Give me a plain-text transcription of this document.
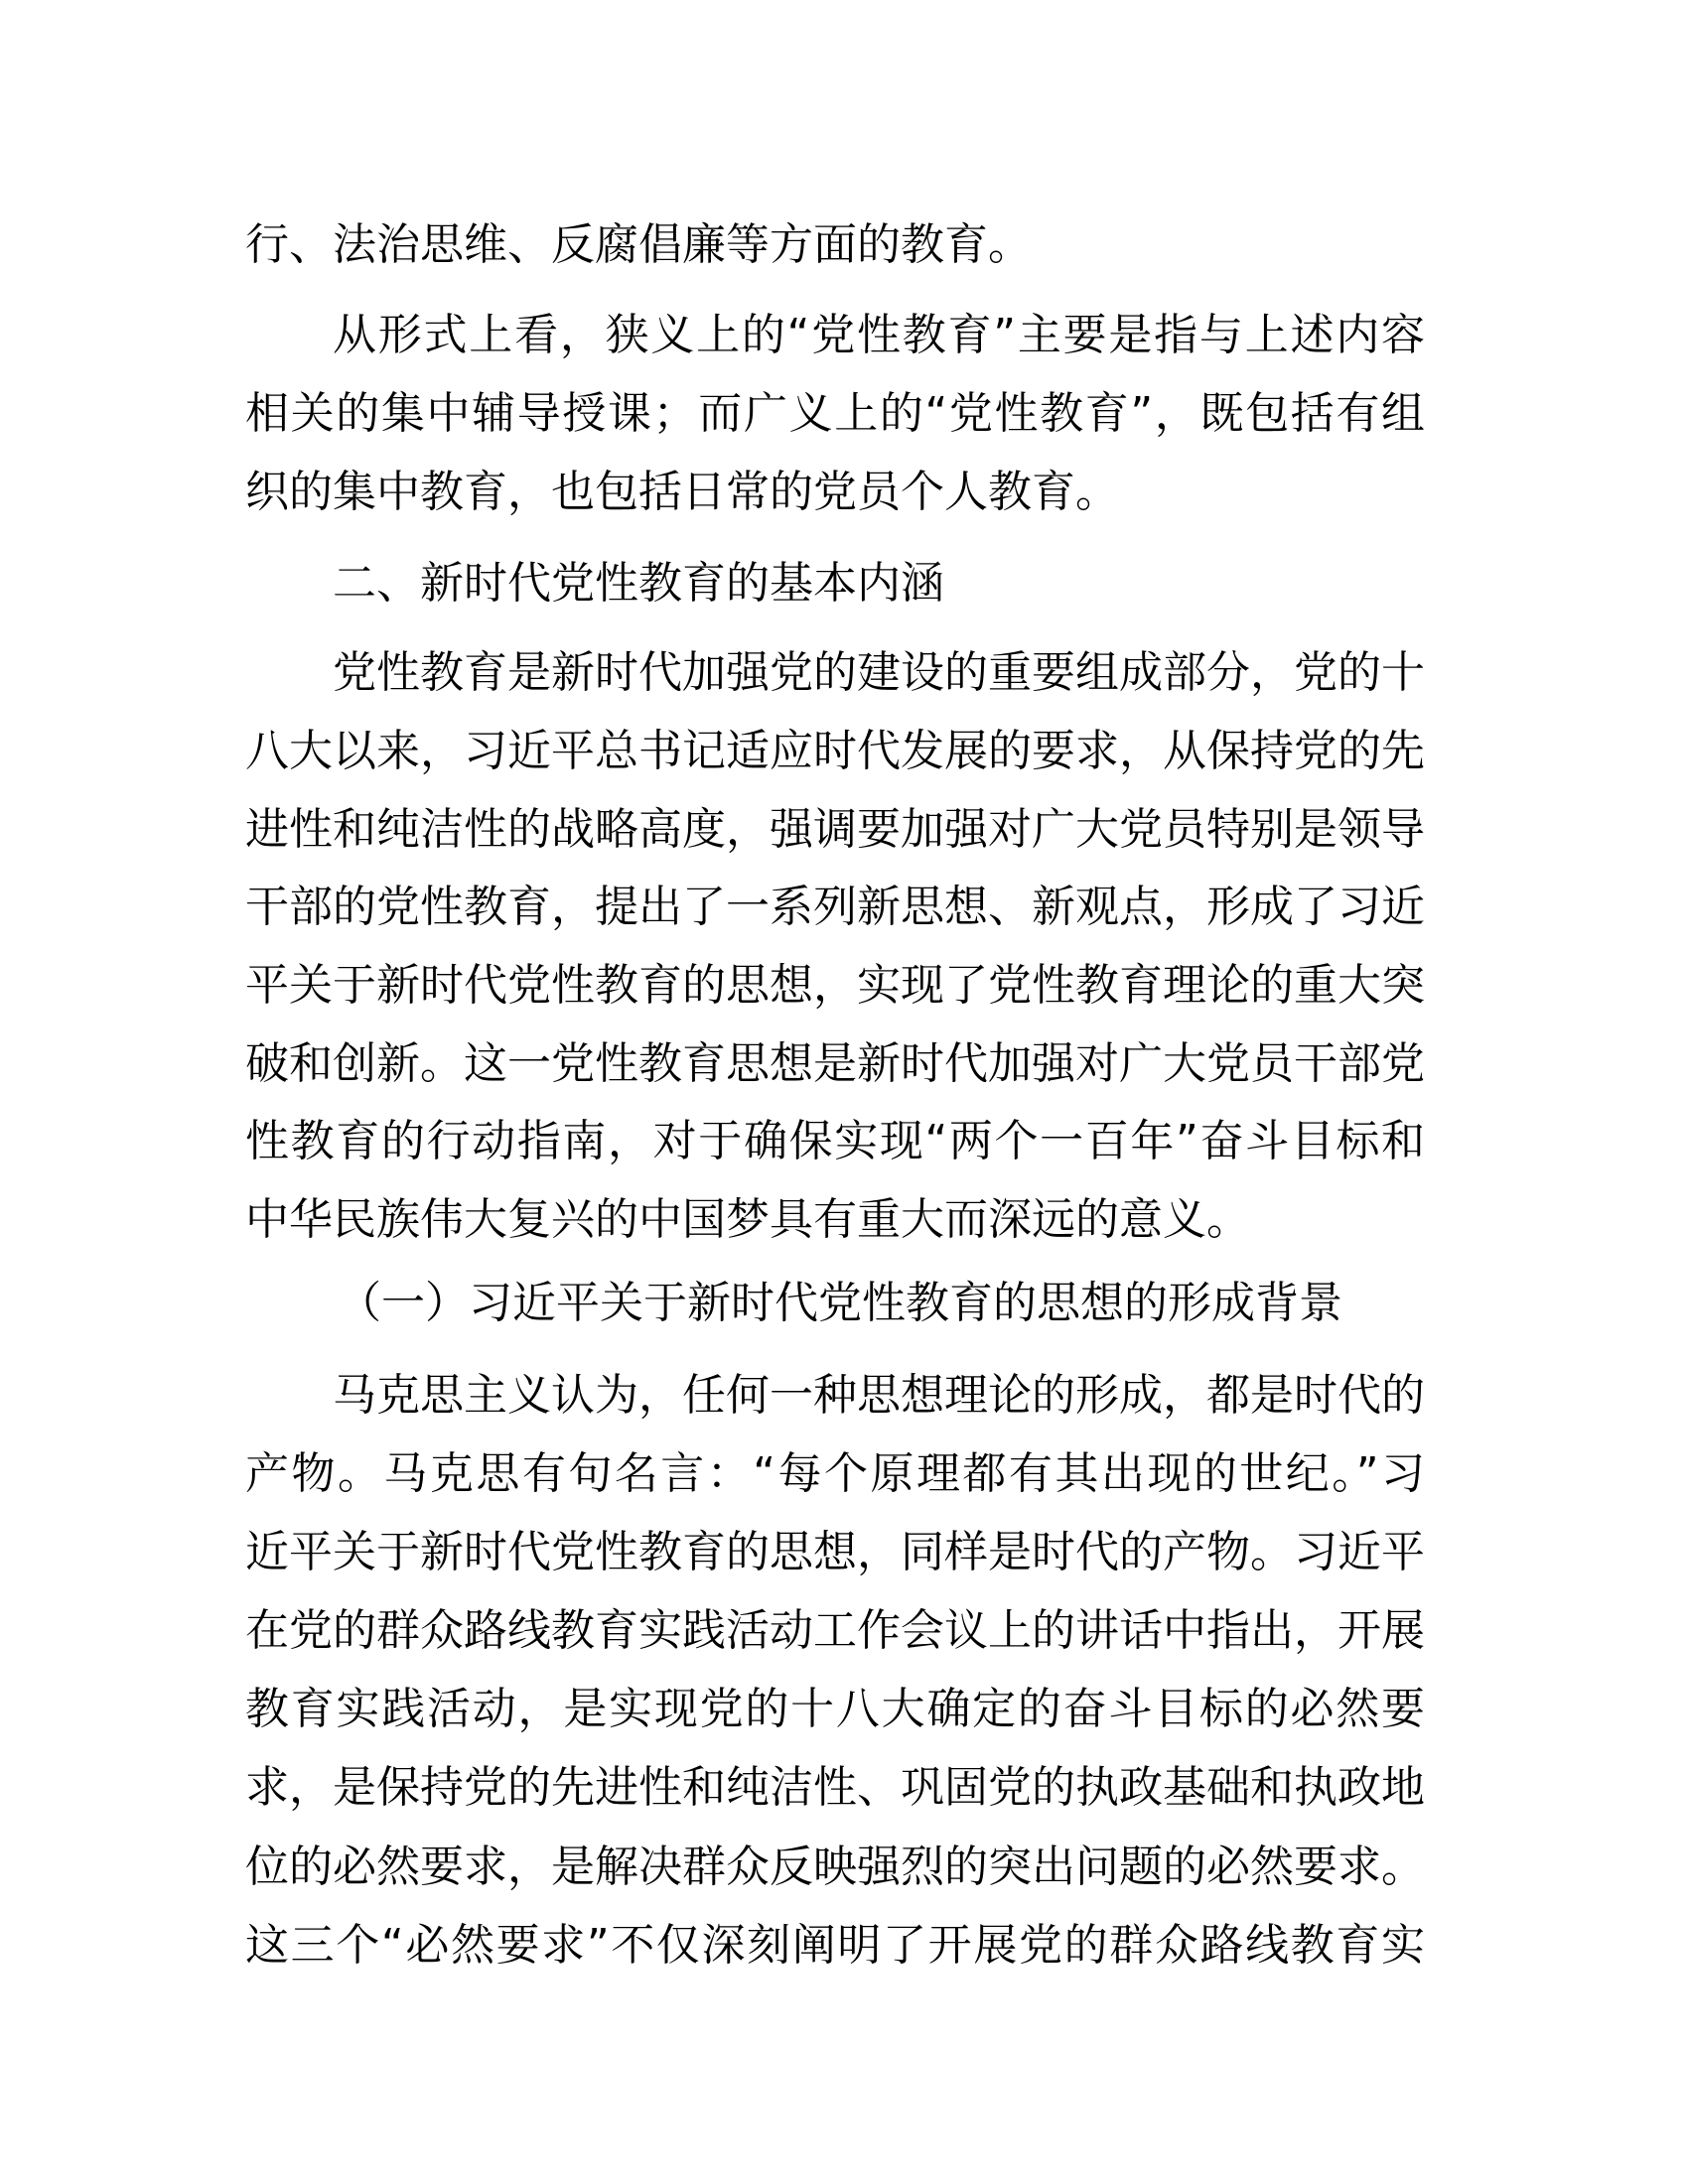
行、法治思维、反腐倡廉等方面的教育。
从形式上看，狭义上的“党性教育”主要是指与上述内容
相关的集中辅导授课；而广义上的“党性教育”，既包括有组
织的集中教育，也包括日常的党员个人教育。
二、新时代党性教育的基本内涵
党性教育是新时代加强党的建设的重要组成部分，党的十
八大以来，习近平总书记适应时代发展的要求，从保持党的先
进性和纯洁性的战略高度，强调要加强对广大党员特别是领导
干部的党性教育，提出了一系列新思想、新观点，形成了习近
平关于新时代党性教育的思想，实现了党性教育理论的重大突
破和创新。这一党性教育思想是新时代加强对广大党员干部党
性教育的行动指南，对于确保实现“两个一百年”奋斗目标和
中华民族伟大复兴的中国梦具有重大而深远的意义。
（一）习近平关于新时代党性教育的思想的形成背景
马克思主义认为，任何一种思想理论的形成，都是时代的
产物。马克思有句名言：“每个原理都有其出现的世纪。”习
近平关于新时代党性教育的思想，同样是时代的产物。习近平
在党的群众路线教育实践活动工作会议上的讲话中指出，开展
教育实践活动，是实现党的十八大确定的奋斗目标的必然要
求，是保持党的先进性和纯洁性、巩固党的执政基础和执政地
位的必然要求，是解决群众反映强烈的突出问题的必然要求。
这三个“必然要求”不仅深刻阐明了开展党的群众路线教育实
